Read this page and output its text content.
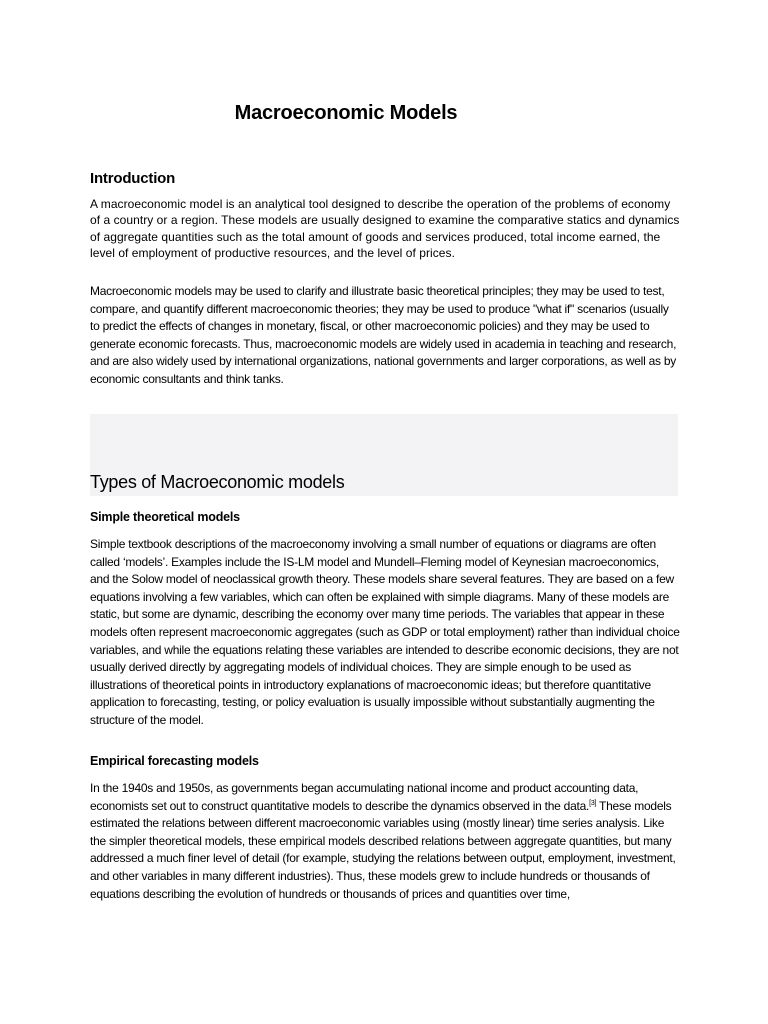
Macroeconomic Models
Introduction

A macroeconomic model is an analytical tool designed to describe the operation of the problems of economy of a country or a region. These models are usually designed to examine the comparative statics and dynamics of aggregate quantities such as the total amount of goods and services produced, total income earned, the level of employment of productive resources, and the level of prices.

Macroeconomic models may be used to clarify and illustrate basic theoretical principles; they may be used to test, compare, and quantify different macroeconomic theories; they may be used to produce "what if" scenarios (usually to predict the effects of changes in monetary, fiscal, or other macroeconomic policies) and they may be used to generate economic forecasts. Thus, macroeconomic models are widely used in academia in teaching and research, and are also widely used by international organizations, national governments and larger corporations, as well as by economic consultants and think tanks.

Types of Macroeconomic models
Simple theoretical models

Simple textbook descriptions of the macroeconomy involving a small number of equations or diagrams are often called ‘models’. Examples include the IS-LM model and Mundell–Fleming model of Keynesian macroeconomics, and the Solow model of neoclassical growth theory. These models share several features. They are based on a few equations involving a few variables, which can often be explained with simple diagrams. Many of these models are static, but some are dynamic, describing the economy over many time periods. The variables that appear in these models often represent macroeconomic aggregates (such as GDP or total employment) rather than individual choice variables, and while the equations relating these variables are intended to describe economic decisions, they are not usually derived directly by aggregating models of individual choices. They are simple enough to be used as illustrations of theoretical points in introductory explanations of macroeconomic ideas; but therefore quantitative application to forecasting, testing, or policy evaluation is usually impossible without substantially augmenting the structure of the model.

Empirical forecasting models

In the 1940s and 1950s, as governments began accumulating national income and product accounting data, economists set out to construct quantitative models to describe the dynamics observed in the data.[3] These models estimated the relations between different macroeconomic variables using (mostly linear) time series analysis. Like the simpler theoretical models, these empirical models described relations between aggregate quantities, but many addressed a much finer level of detail (for example, studying the relations between output, employment, investment, and other variables in many different industries). Thus, these models grew to include hundreds or thousands of equations describing the evolution of hundreds or thousands of prices and quantities over time,
